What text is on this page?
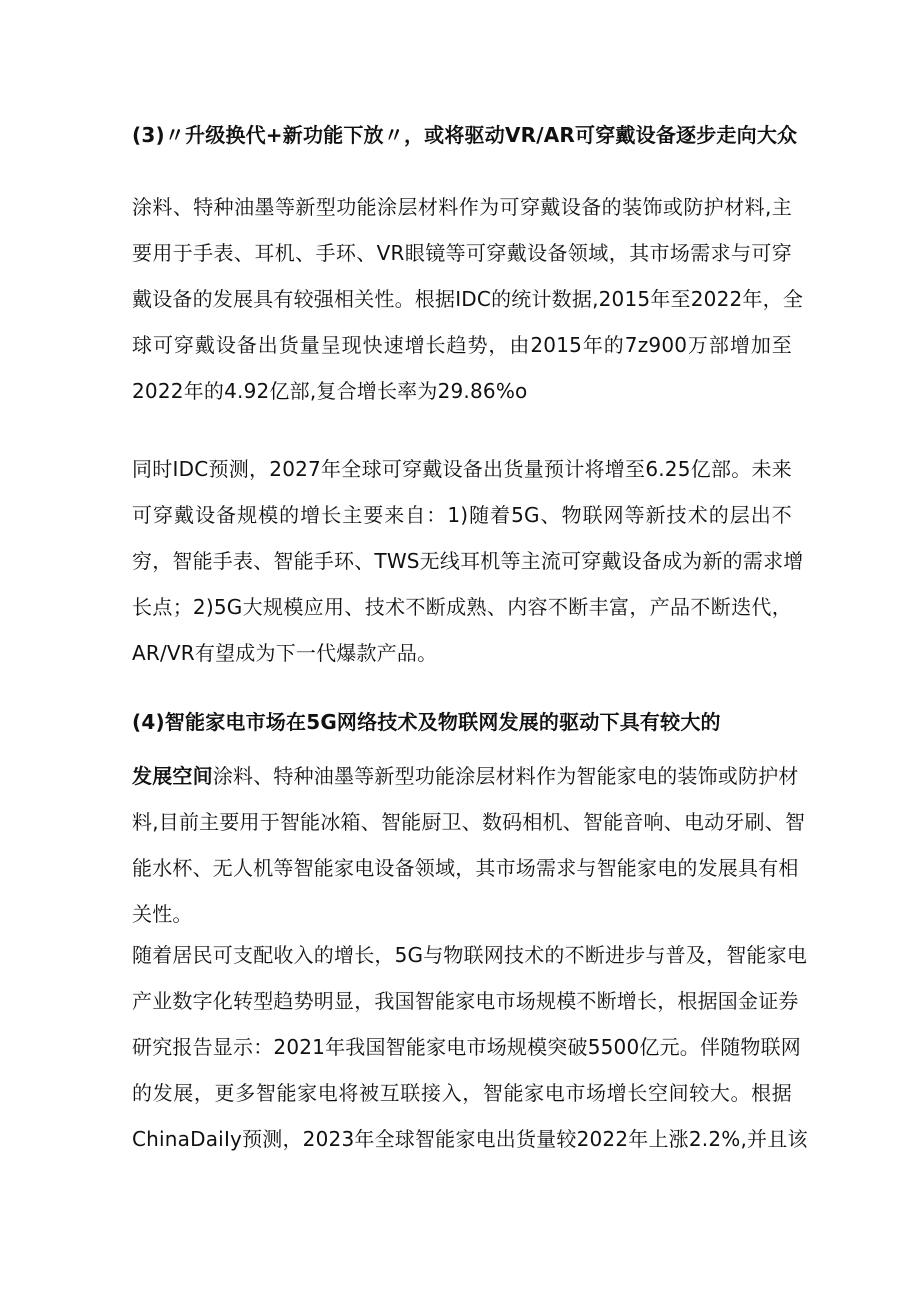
(3)〃升级换代+新功能下放〃，或将驱动VR/AR可穿戴设备逐步走向大众
涂料、特种油墨等新型功能涂层材料作为可穿戴设备的装饰或防护材料,主
要用于手表、耳机、手环、VR眼镜等可穿戴设备领域，其市场需求与可穿
戴设备的发展具有较强相关性。根据IDC的统计数据,2015年至2022年，全
球可穿戴设备出货量呈现快速增长趋势，由2015年的7z900万部增加至
2022年的4.92亿部,复合增长率为29.86%o
同时IDC预测，2027年全球可穿戴设备出货量预计将增至6.25亿部。未来
可穿戴设备规模的增长主要来自：1)随着5G、物联网等新技术的层出不
穷，智能手表、智能手环、TWS无线耳机等主流可穿戴设备成为新的需求增
长点；2)5G大规模应用、技术不断成熟、内容不断丰富，产品不断迭代，
AR/VR有望成为下一代爆款产品。
(4)智能家电市场在5G网络技术及物联网发展的驱动下具有较大的
发展空间涂料、特种油墨等新型功能涂层材料作为智能家电的装饰或防护材
料,目前主要用于智能冰箱、智能厨卫、数码相机、智能音响、电动牙刷、智
能水杯、无人机等智能家电设备领域，其市场需求与智能家电的发展具有相
关性。
随着居民可支配收入的增长，5G与物联网技术的不断进步与普及，智能家电
产业数字化转型趋势明显，我国智能家电市场规模不断增长，根据国金证券
研究报告显示：2021年我国智能家电市场规模突破5500亿元。伴随物联网
的发展，更多智能家电将被互联接入，智能家电市场增长空间较大。根据
ChinaDaiIy预测，2023年全球智能家电出货量较2022年上涨2.2%,并且该
